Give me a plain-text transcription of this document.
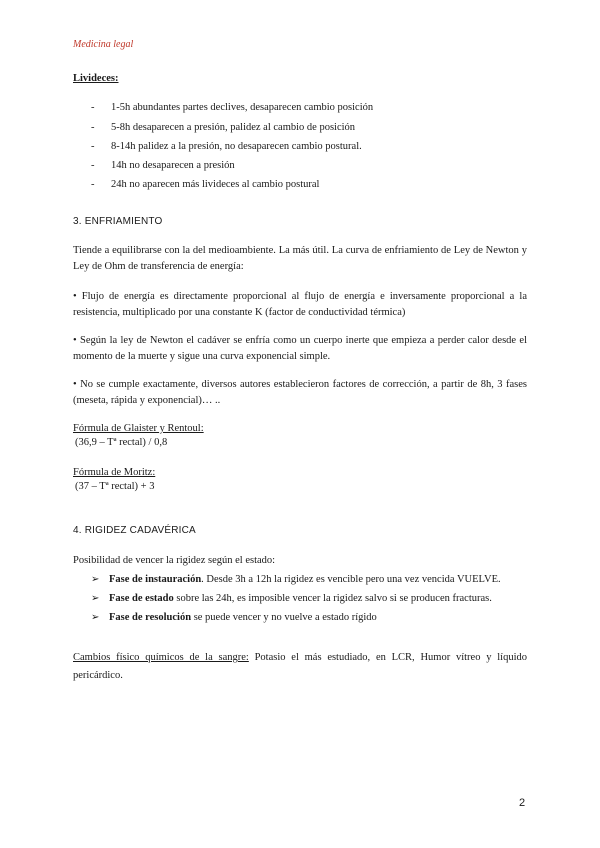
Medicina legal
Livideces:
- 1-5h abundantes partes declives, desaparecen cambio posición
- 5-8h desaparecen a presión, palidez al cambio de posición
- 8-14h palidez a la presión, no desaparecen cambio postural.
- 14h no desaparecen a presión
- 24h no aparecen más livideces al cambio postural
3. ENFRIAMIENTO
Tiende a equilibrarse con la del medioambiente. La más útil. La curva de enfriamiento de Ley de Newton y Ley de Ohm de transferencia de energía:
• Flujo de energía es directamente proporcional al flujo de energía e inversamente proporcional a la resistencia, multiplicado por una constante K (factor de conductividad térmica)
• Según la ley de Newton el cadáver se enfría como un cuerpo inerte que empieza a perder calor desde el momento de la muerte y sigue una curva exponencial simple.
• No se cumple exactamente, diversos autores establecieron factores de corrección, a partir de 8h, 3 fases (meseta, rápida y exponencial)… ..
Fórmula de Glaister y Rentoul:
(36,9 – Tª rectal) / 0,8
Fórmula de Moritz:
(37 – Tª rectal) + 3
4. RIGIDEZ CADAVÉRICA
Posibilidad de vencer la rigidez según el estado:
➢ Fase de instauración. Desde 3h a 12h la rigidez es vencible pero una vez vencida VUELVE.
➢ Fase de estado sobre las 24h, es imposible vencer la rigidez salvo si se producen fracturas.
➢ Fase de resolución se puede vencer y no vuelve a estado rígido
Cambios físico químicos de la sangre: Potasio el más estudiado, en LCR, Humor vítreo y líquido pericárdico.
2
